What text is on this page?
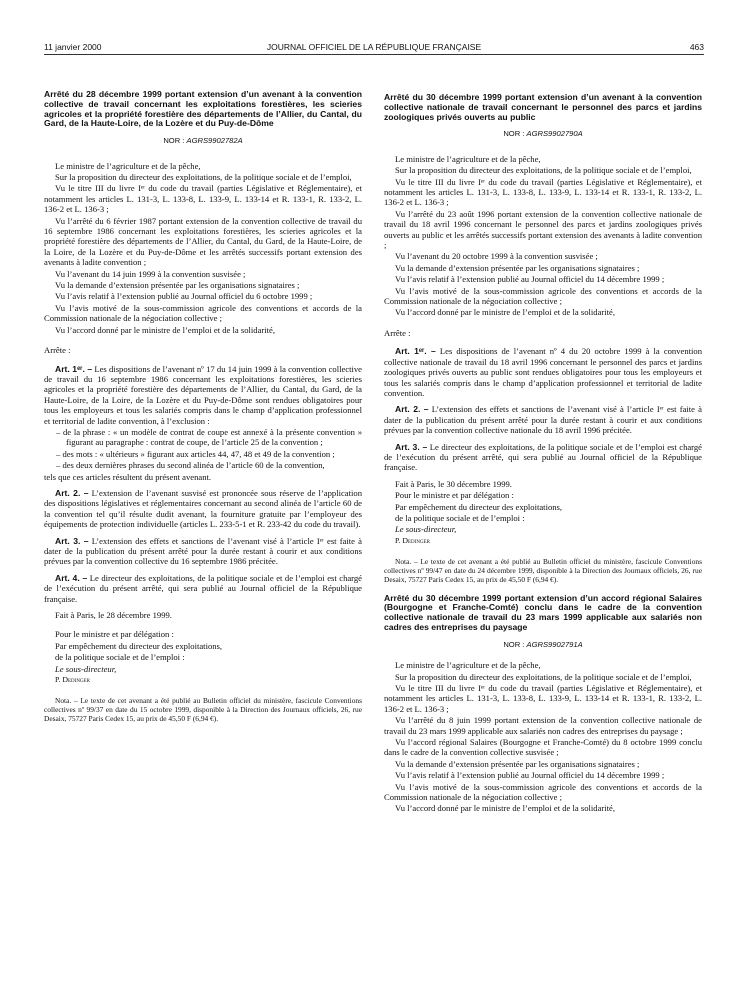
11 janvier 2000	JOURNAL OFFICIEL DE LA RÉPUBLIQUE FRANÇAISE	463
Arrêté du 28 décembre 1999 portant extension d’un avenant à la convention collective de travail concernant les exploitations forestières, les scieries agricoles et la propriété forestière des départements de l’Allier, du Cantal, du Gard, de la Haute-Loire, de la Lozère et du Puy-de-Dôme
NOR : AGRS9902782A

Le ministre de l’agriculture et de la pêche,

Sur la proposition du directeur des exploitations, de la politique sociale et de l’emploi,

Vu le titre III du livre Iᵉʳ du code du travail (parties Législative et Réglementaire), et notamment les articles L. 131-3, L. 133-8, L. 133-9, L. 133-14 et R. 133-1, R. 133-2, L. 136-2 et L. 136-3 ;

Vu l’arrêté du 6 février 1987 portant extension de la convention collective de travail du 16 septembre 1986 concernant les exploitations forestières, les scieries agricoles et la propriété forestière des départements de l’Allier, du Cantal, du Gard, de la Haute-Loire, de la Loire, de la Lozère et du Puy-de-Dôme et les arrêtés successifs portant extension des avenants à ladite convention ;

Vu l’avenant du 14 juin 1999 à la convention susvisée ;

Vu la demande d’extension présentée par les organisations signataires ;

Vu l’avis relatif à l’extension publié au Journal officiel du 6 octobre 1999 ;

Vu l’avis motivé de la sous-commission agricole des conventions et accords de la Commission nationale de la négociation collective ;

Vu l’accord donné par le ministre de l’emploi et de la solidarité,

Arrête :

Art. 1ᵉʳ. – Les dispositions de l’avenant nº 17 du 14 juin 1999 à la convention collective de travail du 16 septembre 1986 concernant les exploitations forestières, les scieries agricoles et la propriété forestière des départements de l’Allier, du Cantal, du Gard, de la Haute-Loire, de la Loire, de la Lozère et du Puy-de-Dôme sont rendues obligatoires pour tous les employeurs et tous les salariés compris dans le champ d’application professionnel et territorial de ladite convention, à l’exclusion :

– de la phrase : « un modèle de contrat de coupe est annexé à la présente convention » figurant au paragraphe : contrat de coupe, de l’article 25 de la convention ;
– des mots : « ultérieurs » figurant aux articles 44, 47, 48 et 49 de la convention ;
– des deux dernières phrases du second alinéa de l’article 60 de la convention,

tels que ces articles résultent du présent avenant.

Art. 2. – L’extension de l’avenant susvisé est prononcée sous réserve de l’application des dispositions législatives et réglementaires concernant au second alinéa de l’article 60 de la convention tel qu’il résulte dudit avenant, la fourniture gratuite par l’employeur des équipements de protection individuelle (articles L. 233-5-1 et R. 233-42 du code du travail).

Art. 3. – L’extension des effets et sanctions de l’avenant visé à l’article Iᵉʳ est faite à dater de la publication du présent arrêté pour la durée restant à courir et aux conditions prévues par la convention collective du 16 septembre 1986 précitée.

Art. 4. – Le directeur des exploitations, de la politique sociale et de l’emploi est chargé de l’exécution du présent arrêté, qui sera publié au Journal officiel de la République française.

Fait à Paris, le 28 décembre 1999.

Pour le ministre et par délégation :

Par empêchement du directeur des exploitations,

de la politique sociale et de l’emploi :

Le sous-directeur,

P. Dedinger

Nota. – Le texte de cet avenant a été publié au Bulletin officiel du ministère, fascicule Conventions collectives nº 99/37 en date du 15 octobre 1999, disponible à la Direction des Journaux officiels, 26, rue Desaix, 75727 Paris Cedex 15, au prix de 45,50 F (6,94 €).

Arrêté du 30 décembre 1999 portant extension d’un avenant à la convention collective nationale de travail concernant le personnel des parcs et jardins zoologiques privés ouverts au public
NOR : AGRS9902790A

Le ministre de l’agriculture et de la pêche,

Sur la proposition du directeur des exploitations, de la politique sociale et de l’emploi,

Vu le titre III du livre Iᵉʳ du code du travail (parties Législative et Réglementaire), et notamment les articles L. 131-3, L. 133-8, L. 133-9, L. 133-14 et R. 133-1, R. 133-2, L. 136-2 et L. 136-3 ;

Vu l’arrêté du 23 août 1996 portant extension de la convention collective nationale de travail du 18 avril 1996 concernant le personnel des parcs et jardins zoologiques privés ouverts au public et les arrêtés successifs portant extension des avenants à ladite convention ;

Vu l’avenant du 20 octobre 1999 à la convention susvisée ;

Vu la demande d’extension présentée par les organisations signataires ;

Vu l’avis relatif à l’extension publié au Journal officiel du 14 décembre 1999 ;

Vu l’avis motivé de la sous-commission agricole des conventions et accords de la Commission nationale de la négociation collective ;

Vu l’accord donné par le ministre de l’emploi et de la solidarité,

Arrête :

Art. 1ᵉʳ. – Les dispositions de l’avenant nº 4 du 20 octobre 1999 à la convention collective nationale de travail du 18 avril 1996 concernant le personnel des parcs et jardins zoologiques privés ouverts au public sont rendues obligatoires pour tous les employeurs et tous les salariés compris dans le champ d’application professionnel et territorial de ladite convention.

Art. 2. – L’extension des effets et sanctions de l’avenant visé à l’article Iᵉʳ est faite à dater de la publication du présent arrêté pour la durée restant à courir et aux conditions prévues par la convention collective nationale du 18 avril 1996 précitée.

Art. 3. – Le directeur des exploitations, de la politique sociale et de l’emploi est chargé de l’exécution du présent arrêté, qui sera publié au Journal officiel de la République française.

Fait à Paris, le 30 décembre 1999.

Pour le ministre et par délégation :

Par empêchement du directeur des exploitations,

de la politique sociale et de l’emploi :

Le sous-directeur,

P. Dedinger

Nota. – Le texte de cet avenant a été publié au Bulletin officiel du ministère, fascicule Conventions collectives nº 99/47 en date du 24 décembre 1999, disponible à la Direction des Journaux officiels, 26, rue Desaix, 75727 Paris Cedex 15, au prix de 45,50 F (6,94 €).

Arrêté du 30 décembre 1999 portant extension d’un accord régional Salaires (Bourgogne et Franche-Comté) conclu dans le cadre de la convention collective nationale de travail du 23 mars 1999 applicable aux salariés non cadres des entreprises du paysage
NOR : AGRS9902791A

Le ministre de l’agriculture et de la pêche,

Sur la proposition du directeur des exploitations, de la politique sociale et de l’emploi,

Vu le titre III du livre Iᵉʳ du code du travail (parties Législative et Réglementaire), et notamment les articles L. 131-3, L. 133-8, L. 133-9, L. 133-14 et R. 133-1, R. 133-2, L. 136-2 et L. 136-3 ;

Vu l’arrêté du 8 juin 1999 portant extension de la convention collective nationale de travail du 23 mars 1999 applicable aux salariés non cadres des entreprises du paysage ;

Vu l’accord régional Salaires (Bourgogne et Franche-Comté) du 8 octobre 1999 conclu dans le cadre de la convention collective susvisée ;

Vu la demande d’extension présentée par les organisations signataires ;

Vu l’avis relatif à l’extension publié au Journal officiel du 14 décembre 1999 ;

Vu l’avis motivé de la sous-commission agricole des conventions et accords de la Commission nationale de la négociation collective ;

Vu l’accord donné par le ministre de l’emploi et de la solidarité,
